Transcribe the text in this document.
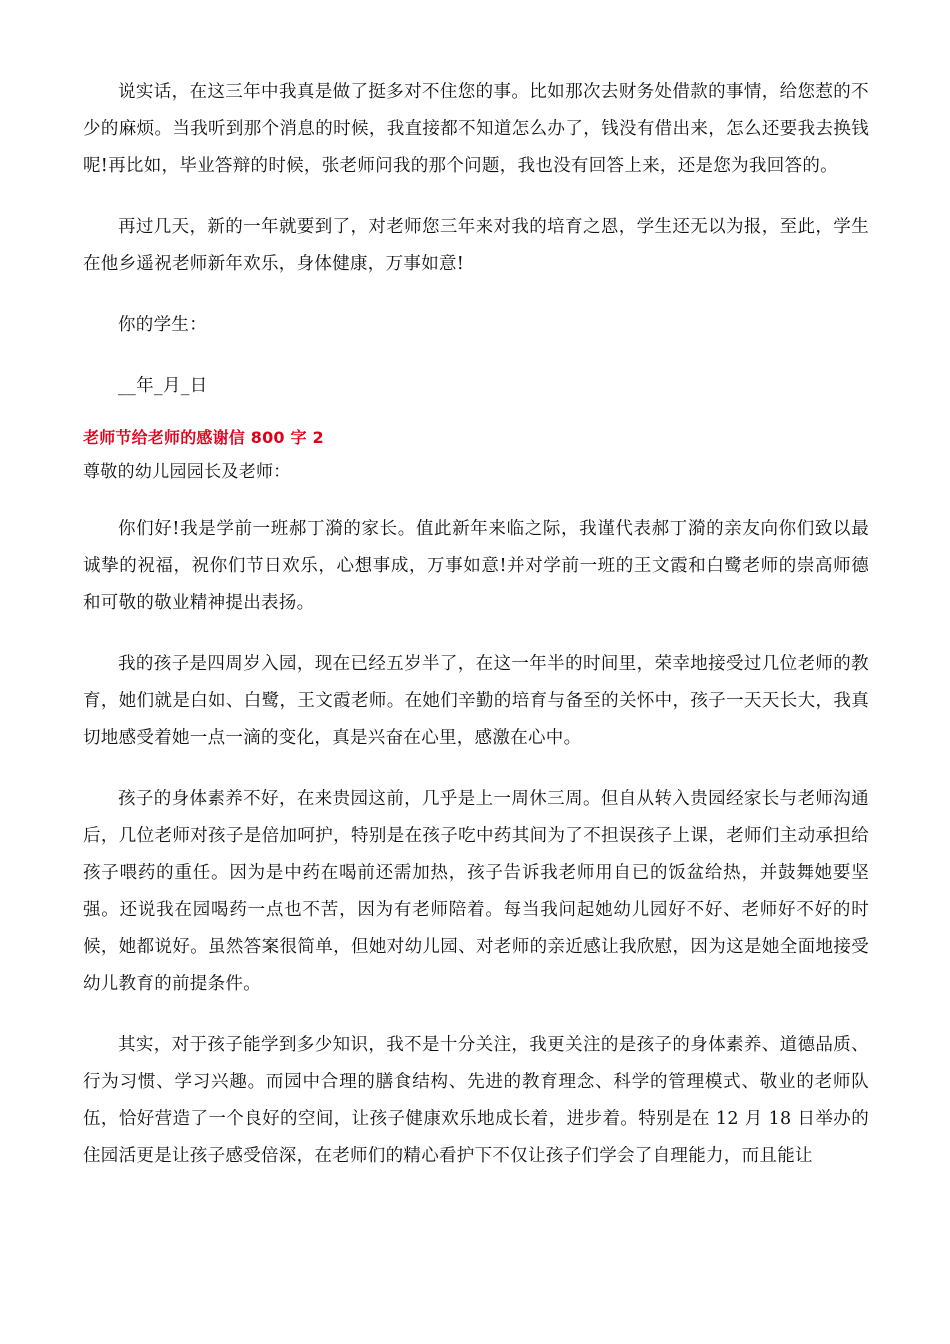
说实话，在这三年中我真是做了挺多对不住您的事。比如那次去财务处借款的事情，给您惹的不少的麻烦。当我听到那个消息的时候，我直接都不知道怎么办了，钱没有借出来，怎么还要我去换钱呢!再比如，毕业答辩的时候，张老师问我的那个问题，我也没有回答上来，还是您为我回答的。

再过几天，新的一年就要到了，对老师您三年来对我的培育之恩，学生还无以为报，至此，学生在他乡遥祝老师新年欢乐，身体健康，万事如意!

你的学生：

__年_月_日

老师节给老师的感谢信 800 字 2

尊敬的幼儿园园长及老师：

你们好!我是学前一班郝丁漪的家长。值此新年来临之际，我谨代表郝丁漪的亲友向你们致以最诚挚的祝福，祝你们节日欢乐，心想事成，万事如意!并对学前一班的王文霞和白鹭老师的崇高师德和可敬的敬业精神提出表扬。

我的孩子是四周岁入园，现在已经五岁半了，在这一年半的时间里，荣幸地接受过几位老师的教育，她们就是白如、白鹭，王文霞老师。在她们辛勤的培育与备至的关怀中，孩子一天天长大，我真切地感受着她一点一滴的变化，真是兴奋在心里，感激在心中。

孩子的身体素养不好，在来贵园这前，几乎是上一周休三周。但自从转入贵园经家长与老师沟通后，几位老师对孩子是倍加呵护，特别是在孩子吃中药其间为了不担误孩子上课，老师们主动承担给孩子喂药的重任。因为是中药在喝前还需加热，孩子告诉我老师用自已的饭盆给热，并鼓舞她要坚强。还说我在园喝药一点也不苦，因为有老师陪着。每当我问起她幼儿园好不好、老师好不好的时候，她都说好。虽然答案很简单，但她对幼儿园、对老师的亲近感让我欣慰，因为这是她全面地接受幼儿教育的前提条件。

其实，对于孩子能学到多少知识，我不是十分关注，我更关注的是孩子的身体素养、道德品质、行为习惯、学习兴趣。而园中合理的膳食结构、先进的教育理念、科学的管理模式、敬业的老师队伍，恰好营造了一个良好的空间，让孩子健康欢乐地成长着，进步着。特别是在 12 月 18 日举办的住园活更是让孩子感受倍深，在老师们的精心看护下不仅让孩子们学会了自理能力，而且能让
